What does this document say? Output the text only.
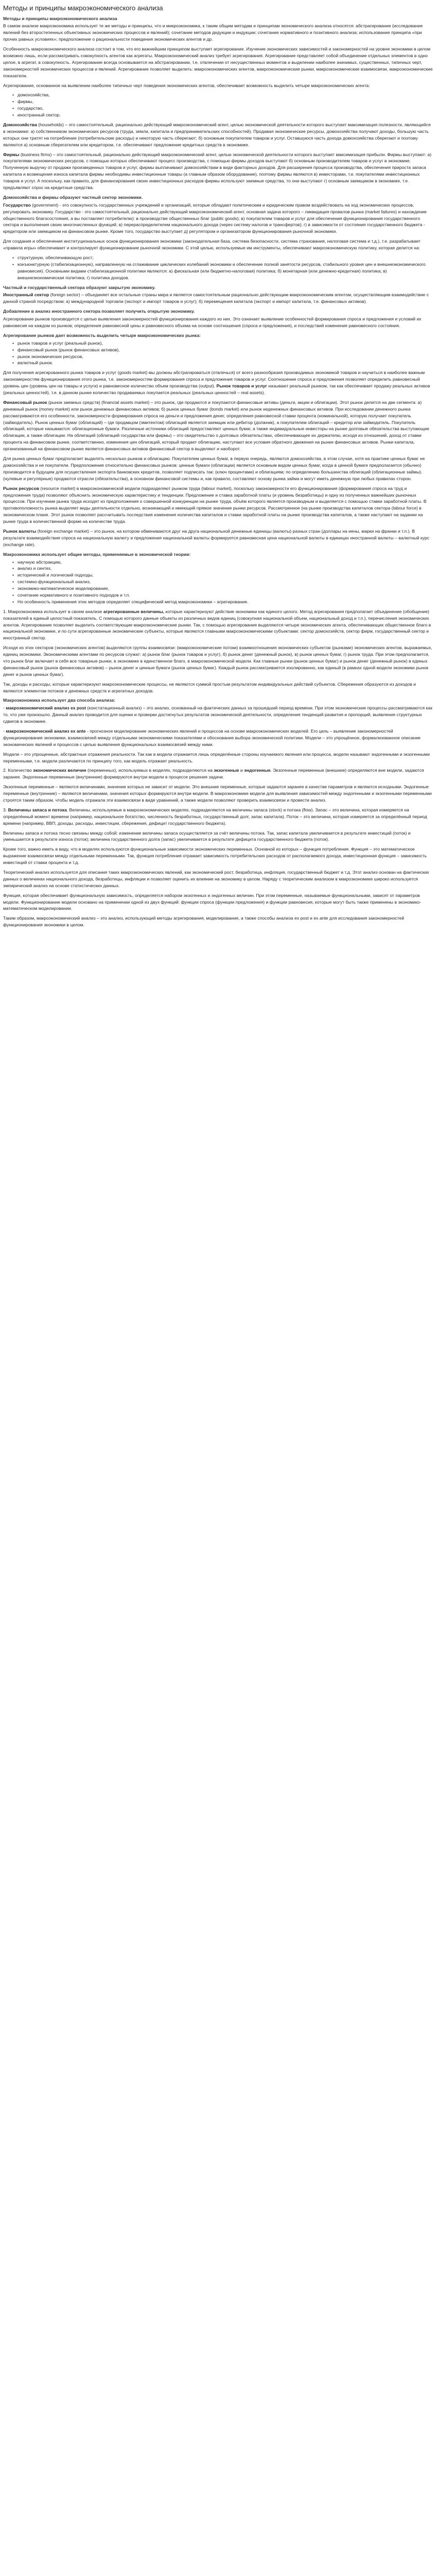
Методы и принципы макроэкономического анализа
Методы и принципы макроэкономического анализа

В самом анализе макроэкономика использует те же методы и принципы, что и микроэкономика, к таким общим методам и принципам экономического анализа относятся: абстрагирование (исследование явлений без второстепенных объективных экономических процессов и явлений); сочетание методов дедукции и индукции; сочетание нормативного и позитивного анализа; использование принципа «при прочих равных условиях»; предположение о рациональности поведения экономических агентов и др.

Особенность макроэкономического анализа состоит в том, что его важнейшим принципом выступает агрегирование. Изучение экономических зависимостей и закономерностей на уровне экономики в целом возможно лишь, если рассматривать совокупность агентов как агрегаты. Макроэкономический анализ требует агрегирования. Агрегирование представляет собой объединение отдельных элементов в одно целое, в агрегат, в совокупность. Агрегирование всегда основывается на абстрагировании, т.е. отвлечении от несущественных моментов и выделении наиболее значимых, существенных, типичных черт, закономерностей экономических процессов и явлений. Агрегирование позволяет выделить: макроэкономических агентов, макроэкономические рынки, макроэкономические взаимосвязи, макроэкономические показатели.

Агрегирование, основанное на выявлении наиболее типичных черт поведения экономических агентов, обеспечивает возможность выделить четыре макроэкономических агента:

• домохозяйства,
• фирмы,
• государство,
• иностранный сектор.

Домохозяйства (households) – это самостоятельный, рационально действующий макроэкономический агент, целью экономической деятельности которого выступает максимизация полезности, являющийся в экономике: а) собственником экономических ресурсов (труда, земли, капитала и предпринимательских способностей). Продавая экономические ресурсы, домохозяйства получают доходы, большую часть которых они тратят на потребление (потребительские расходы) и некоторую часть сберегают; б) основным покупателем товаров и услуг. Оставшуюся часть дохода домохозяйства сберегают и поэтому являются а) основным сберегателем или кредитором, т.е. обеспечивают предложение кредитных средств в экономике.

Фирмы (business firms) – это самостоятельный, рационально действующий макроэкономический агент, целью экономической деятельности которого выступает максимизация прибыли. Фирмы выступают: а) покупателями экономических ресурсов, с помощью которых обеспечивают процесс производства, с помощью фирмы доходов выступают б) основным производителем товаров и услуг в экономике. Полученную выручку от продажи произведенных товаров и услуг, фирмы выплачивают домохозяйствам в виде факторных доходов. Для расширения процесса производства, обеспечения прироста запаса капитала и возмещения износа капитала фирмы необходимы инвестиционные товары (а главным образом оборудование), поэтому фирмы являются в) инвесторами, т.е. покупателями инвестиционных товаров и услуг. А поскольку, как правило, для финансирования своих инвестиционных расходов фирмы используют заемные средства, то они выступают г) основным заемщиком в экономике, т.е. предъявляют спрос на кредитные средства.

Домохозяйства и фирмы образуют частный сектор экономики.

Государство (government) - это совокупность государственных учреждений и организаций, которые обладают политическим и юридическим правом воздействовать на ход экономических процессов, регулировать экономику. Государство - это самостоятельный, рационально действующий макроэкономический агент, основная задача которого – ликвидация провалов рынка (market failures) и нахождение общественного благосостояния, а вы поставляет потребителю): в производстве общественных благ (public goods); в) покупателем товаров и услуг для обеспечения функционирования государственного сектора и выполнения своих многочисленных функций; в) перераспределителем национального дохода (через систему налогов и трансфертов); г) в зависимости от состояния государственного бюджета - кредитором или заемщиком на финансовом рынке. Кроме того, государство выступает д) регулятором и организатором функционирования рыночной экономики.

Для создания и обеспечения институциональных основ функционирования экономики (законодательная база, система безопасности, система страхования, налоговая система и т.д.), т.е. разрабатывает «правила игры» обеспечивает и контролирует функционирование рыночной экономики. С этой целью, используемые им инструменты, обеспечивают макроэкономическую политику, которая делится на:

• структурную, обеспечивающую рост;
• конъюнктурную (стабилизационную), направленную на сглаживание циклических колебаний экономики и обеспечение полной занятости ресурсов, стабильного уровня цен и внешнеэкономического равновесия). Основными видами стабилизационной политики являются: а) фискальная (или бюджетно-налоговая) политика; б) монетарная (или денежно-кредитная) политика; в) внешнеэкономическая политика; г) политика доходов.
Частный и государственный сектора образуют закрытую экономику.

Иностранный сектор (foreign sector) – объединяет все остальные страны мира и является самостоятельным рационально действующим макроэкономическим агентом, осуществляющим взаимодействие с данной страной посредством: а) международной торговли (экспорт и импорт товаров и услуг); б) перемещения капитала (экспорт и импорт капитала, т.е. финансовых активов).

Добавление в анализ иностранного сектора позволяет получить открытую экономику.

Агрегирование рынков производится с целью выявления закономерностей функционирования каждого из них. Это означает выявление особенностей формирования спроса и предложения и условий их равновесия на каждом из рынков; определения равновесной цены и равновесного объема на основе соотношения (спроса и предложения), и последствий изменения равновесного состояния.

Агрегирование рынков дает возможность выделить четыре макроэкономических рынка:
• рынок товаров и услуг (реальный рынок),
• финансовый рынок (рынок финансовых активов),
• рынок экономических ресурсов,
• валютный рынок.

Для получения агрегированного рынка товаров и услуг (goods market) мы должны абстрагироваться (отвлечься) от всего разнообразия производимых экономикой товаров и научиться в наиболее важным закономерностям функционирования этого рынка, т.е. закономерностям формирования спроса и предложения товаров и услуг. Соотношение спроса и предложения позволяет определить равновесный уровень цен (уровень цен на товары и услуги) и равновесное количество объем производства (output). Рынок товаров и услуг называют реальный рынком, так как обеспечивает продажу реальных активов (реальных ценностей), т.е. в данном рынке количество продаваемых покупается реальных (реальных ценностей – real assets).

Финансовый рынок (рынок заемных средств) (financial assets market) – это рынок, где продаются и покупаются финансовые активы (деньги, акции и облигации). Этот рынок делится на две сегмента: а) денежный рынок (money market) или рынок денежных финансовых активов; б) рынок ценных бумаг (bonds market) или рынок неденежных финансовых активов. При исследовании денежного рынка рассматриваются его особенности, закономерности формирования спроса на деньги и предложения денег, определения равновесной ставки процента (номинальной), которую получает покупатель (займодатель). Рынок ценных бумаг (облигаций) – где продавцом (эмитентом) облигаций является заемщик или дебитор (должник), а покупателем облигаций – кредитор или займодатель. Покупатель облигаций, которые называются: облигационные бумаги. Различные источники облигаций предоставляют ценных бумаг, а также индивидуальные инвесторы на рынке долговые обязательства выступающие облигации, а также облигации. На облигаций (облигаций государства или фирмы) – это свидетельство о долговых обязательствах, обеспечивающее их держателю, исходя из отношений, доход от ставки процента на финансовом рынке, соответственно, изменения цен облигаций, который продает облигацию, наступают все условия обратного движения на рынке финансовых активов. Рынки капитала, организованный на финансовом рынке является финансовых активов финансовый сектор в выделяют и наоборот.

Для рынка ценных бумаг предполагает выделять несколько рынков и облигацию. Покупателем ценных бумаг, в первую очередь, являются домохозяйства, в этом случае, хотя на практике ценных бумаг не домохозяйства и не покупатели. Предположения относительно финансовых рынков: ценные бумаги (облигации) является основным видом ценных бумаг, когда в ценной бумаге предполагается (обычно) производится в будущем для осуществления экспорта банковских кредитов, позволяет подписать так: (ключ процентами) и облигациям; по определению большинства облигаций (облигационные займы). (нулевые и регулярные) продаются отрасли (обязательства), в основном финансовой системы и, как правило, составляют основу рынка займа и могут иметь денежную при любых правилах сторон.

Рынок ресурсов (resource market) в макроэкономической модели подразделяют рынком труда (labour market), поскольку закономерности его функционирования (формирования спроса на труд и предложения труда) позволяют объяснить экономическую характеристику и тенденции. Предложение и ставка заработной платы (и уровень безработицы) и одну из полученных важнейших рыночных процессов. При изучении рынка труда исходят из предположения о совершенной конкуренции на рынке труда, объём которого является производным и выделяется с помощью ставки заработной платы. В противоположность рынка выделяет виды деятельности отдельно, возникающий и имеющий прямое значение рынки ресурсов. Рассмотренное (на рынке производства капиталов сектора (labour force) в экономическом плане. Этот рынок позволяет рассчитывать последствия изменения количества капиталов и ставки заработной платы на рынке производства капиталов, а также наступают на задании на рынке труда в количественной форме на количестве труда.

Рынок валюты (foreign exchange market) – это рынок, на котором обмениваются друг на друга национальной денежные единицы (валюты) разных стран (доллары на иены, марки на франки и т.п.). В результате взаимодействия спроса на национальную валюту и предложения национальной валюты формируется равновесная цена национальной валюты в единицах иностранной валюты – валютный курс (exchange rate).

Макроэкономика использует общие методы, применяемые в экономической теории:
• научную абстракцию,
• анализ и синтез,
• исторический и логический подходы,
• системно-функциональный анализ,
• экономико-математическое моделирование,
• сочетание нормативного и позитивного подходов и т.п.
• Но особенность применения этих методов определяет специфический метод макроэкономики – агрегирование.

1. Макроэкономика использует в своем анализе агрегированные величины, которые характеризуют действие экономики как единого целого. Метод агрегирования предполагает объединение (обобщение) показателей в единый целостный показатель. С помощью которого данные объекты из различных видов единиц (совокупная национальной объем, национальный доход и т.п.), перечисления экономических агентов. Агрегирование позволяет выделить соответствующие макроэкономические рынки. Так, с помощью агрегирования выделяются четыре экономических агента, обеспечивающих общественное благо в национальной экономике, и по сути агрегированные экономические субъекты, которые являются главными макроэкономическими субъектами: сектор домохозяйств, сектор фирм, государственный сектор и иностранный сектор.

Исходя из этих секторов (экономических агентов) выделяются группы взаимосвязи: (макроэкономические потоки) взаимоотношения экономических субъектов (рынками) экономических агентов, выражаемых, единиц экономики. Экономическими агентами по ресурсов служат: а) рынок благ (рынок товаров и услуг), б) рынок денег (денежный рынок), в) рынок ценных бумаг, г) рынок труда. При этом предполагается, что рынок благ включает в себя все товарные рынки, в экономике в единственное благо, в макроэкономической модели. Как главные рынки (рынок ценных бумаг) и рынок денег (денежный рынок) в единых финансовый рынок (рынок финансовых активов) – рынок денег и ценные бумаги (рынок ценных бумаг). Каждый рынок рассматривается изолированно, как единый (в рамках одной модели экономики рынок денег и рынок ценных бумаг).

Так, доходы и расходы, которые характеризуют макроэкономические процессы, не являются суммой простым результатом индивидуальных действий субъектов. Сбережения образуются из доходов и являются элементом потоков и денежных средств и агрегатных доходов.

Макроэкономика использует два способа анализа:

- макроэкономический анализ ex post (констатационный анализ) – это анализ, основанный на фактических данных за прошедший период времени. При этом экономические процессы рассматриваются как то, что уже произошло. Данный анализ проводится для оценки и проверки достигнутых результатов экономической деятельности, определения тенденций развития и пропорций, выявления структурных сдвигов в экономике.

- макроэкономический анализ ex ante - прогнозное моделирование экономических явлений и процессов на основе макроэкономических моделей. Его цель – выявление закономерностей функционирования экономики, взаимосвязей между отдельными экономическими показателями и обоснование выбора экономической политики. Модели – это упрощённое, формализованное описание экономических явлений и процессов с целью выявления функциональных взаимосвязей между ними.

Модели – это упрощенные, абстрактные отражения реальности. Так как в модели отражается лишь определённые стороны изучаемого явления или процесса, модели называют эндогенными и экзогенными переменными, т.е. модели различаются по принципу того, как модель отражает реальность.

2. Количество экономических величин (переменных), используемых в моделях, подразделяются на экзогенные и эндогенные. Экзогенные переменные (внешние) определяются вне модели, задаются заранее. Эндогенные переменные (внутренние) формируются внутри модели в процессе решения задачи.

Экзогенные переменные – являются величинами, значение которых не зависит от модели. Это внешние переменные, которые задаются заранее в качестве параметров и являются исходными. Эндогенные переменные (внутренние) – являются величинами, значения которых формируются внутри модели. В макроэкономике модели для выявления зависимостей между эндогенными и экзогенными переменными строятся таким образом, чтобы модель отражала эти взаимосвязи в виде уравнений, а также модели позволяют проверить взаимосвязи и провести анализ.

3. Величины запаса и потока. Величины, используемые в макроэкономических моделях, подразделяются на величины запаса (stock) и потока (flow). Запас – это величина, которая измеряется на определённый момент времени (например, национальное богатство, численность безработных, государственный долг, запас капитала). Поток – это величина, которая измеряется за определённый период времени (например, ВВП, доходы, расходы, инвестиции, сбережения, дефицит государственного бюджета).

Величины запаса и потока тесно связаны между собой: изменение величины запаса осуществляется за счёт величины потока. Так, запас капитала увеличивается в результате инвестиций (поток) и уменьшается в результате износа (поток); величина государственного долга (запас) увеличивается в результате дефицита государственного бюджета (поток).

Кроме того, важно иметь в виду, что в моделях используются функциональные зависимости экономических переменных. Основной из которых – функция потребления. Функция – это математическое выражение взаимосвязи между отдельными переменными. Так, функция потребления отражает зависимость потребительских расходов от располагаемого дохода, инвестиционная функция – зависимость инвестиций от ставки процента и т.д.

Теоретический анализ используется для описания таких макроэкономических явлений, как экономический рост, безработица, инфляция, государственный бюджет и т.д. Этот анализ основан на фактических данных о величинах национального дохода, безработицы, инфляции и позволяет оценить их влияние на экономику в целом. Наряду с теоретическим анализом в макроэкономике широко используется эмпирический анализ на основе статистических данных.

Функция, которая обеспечивает функциональную зависимость, определяется набором экзогенных и эндогенных величин. При этом переменные, называемые функциональными, зависят от параметров модели. Функционирование модели основано на применении одной из двух функций: функции спроса (функции предложения) и функции равновесия, которые могут быть также применены в экономико-математическом моделировании.

Таким образом, макроэкономический анализ – это анализ, использующий методы агрегирования, моделирования, а также способы анализа ex post и ex ante для исследования закономерностей функционирования экономики в целом.
